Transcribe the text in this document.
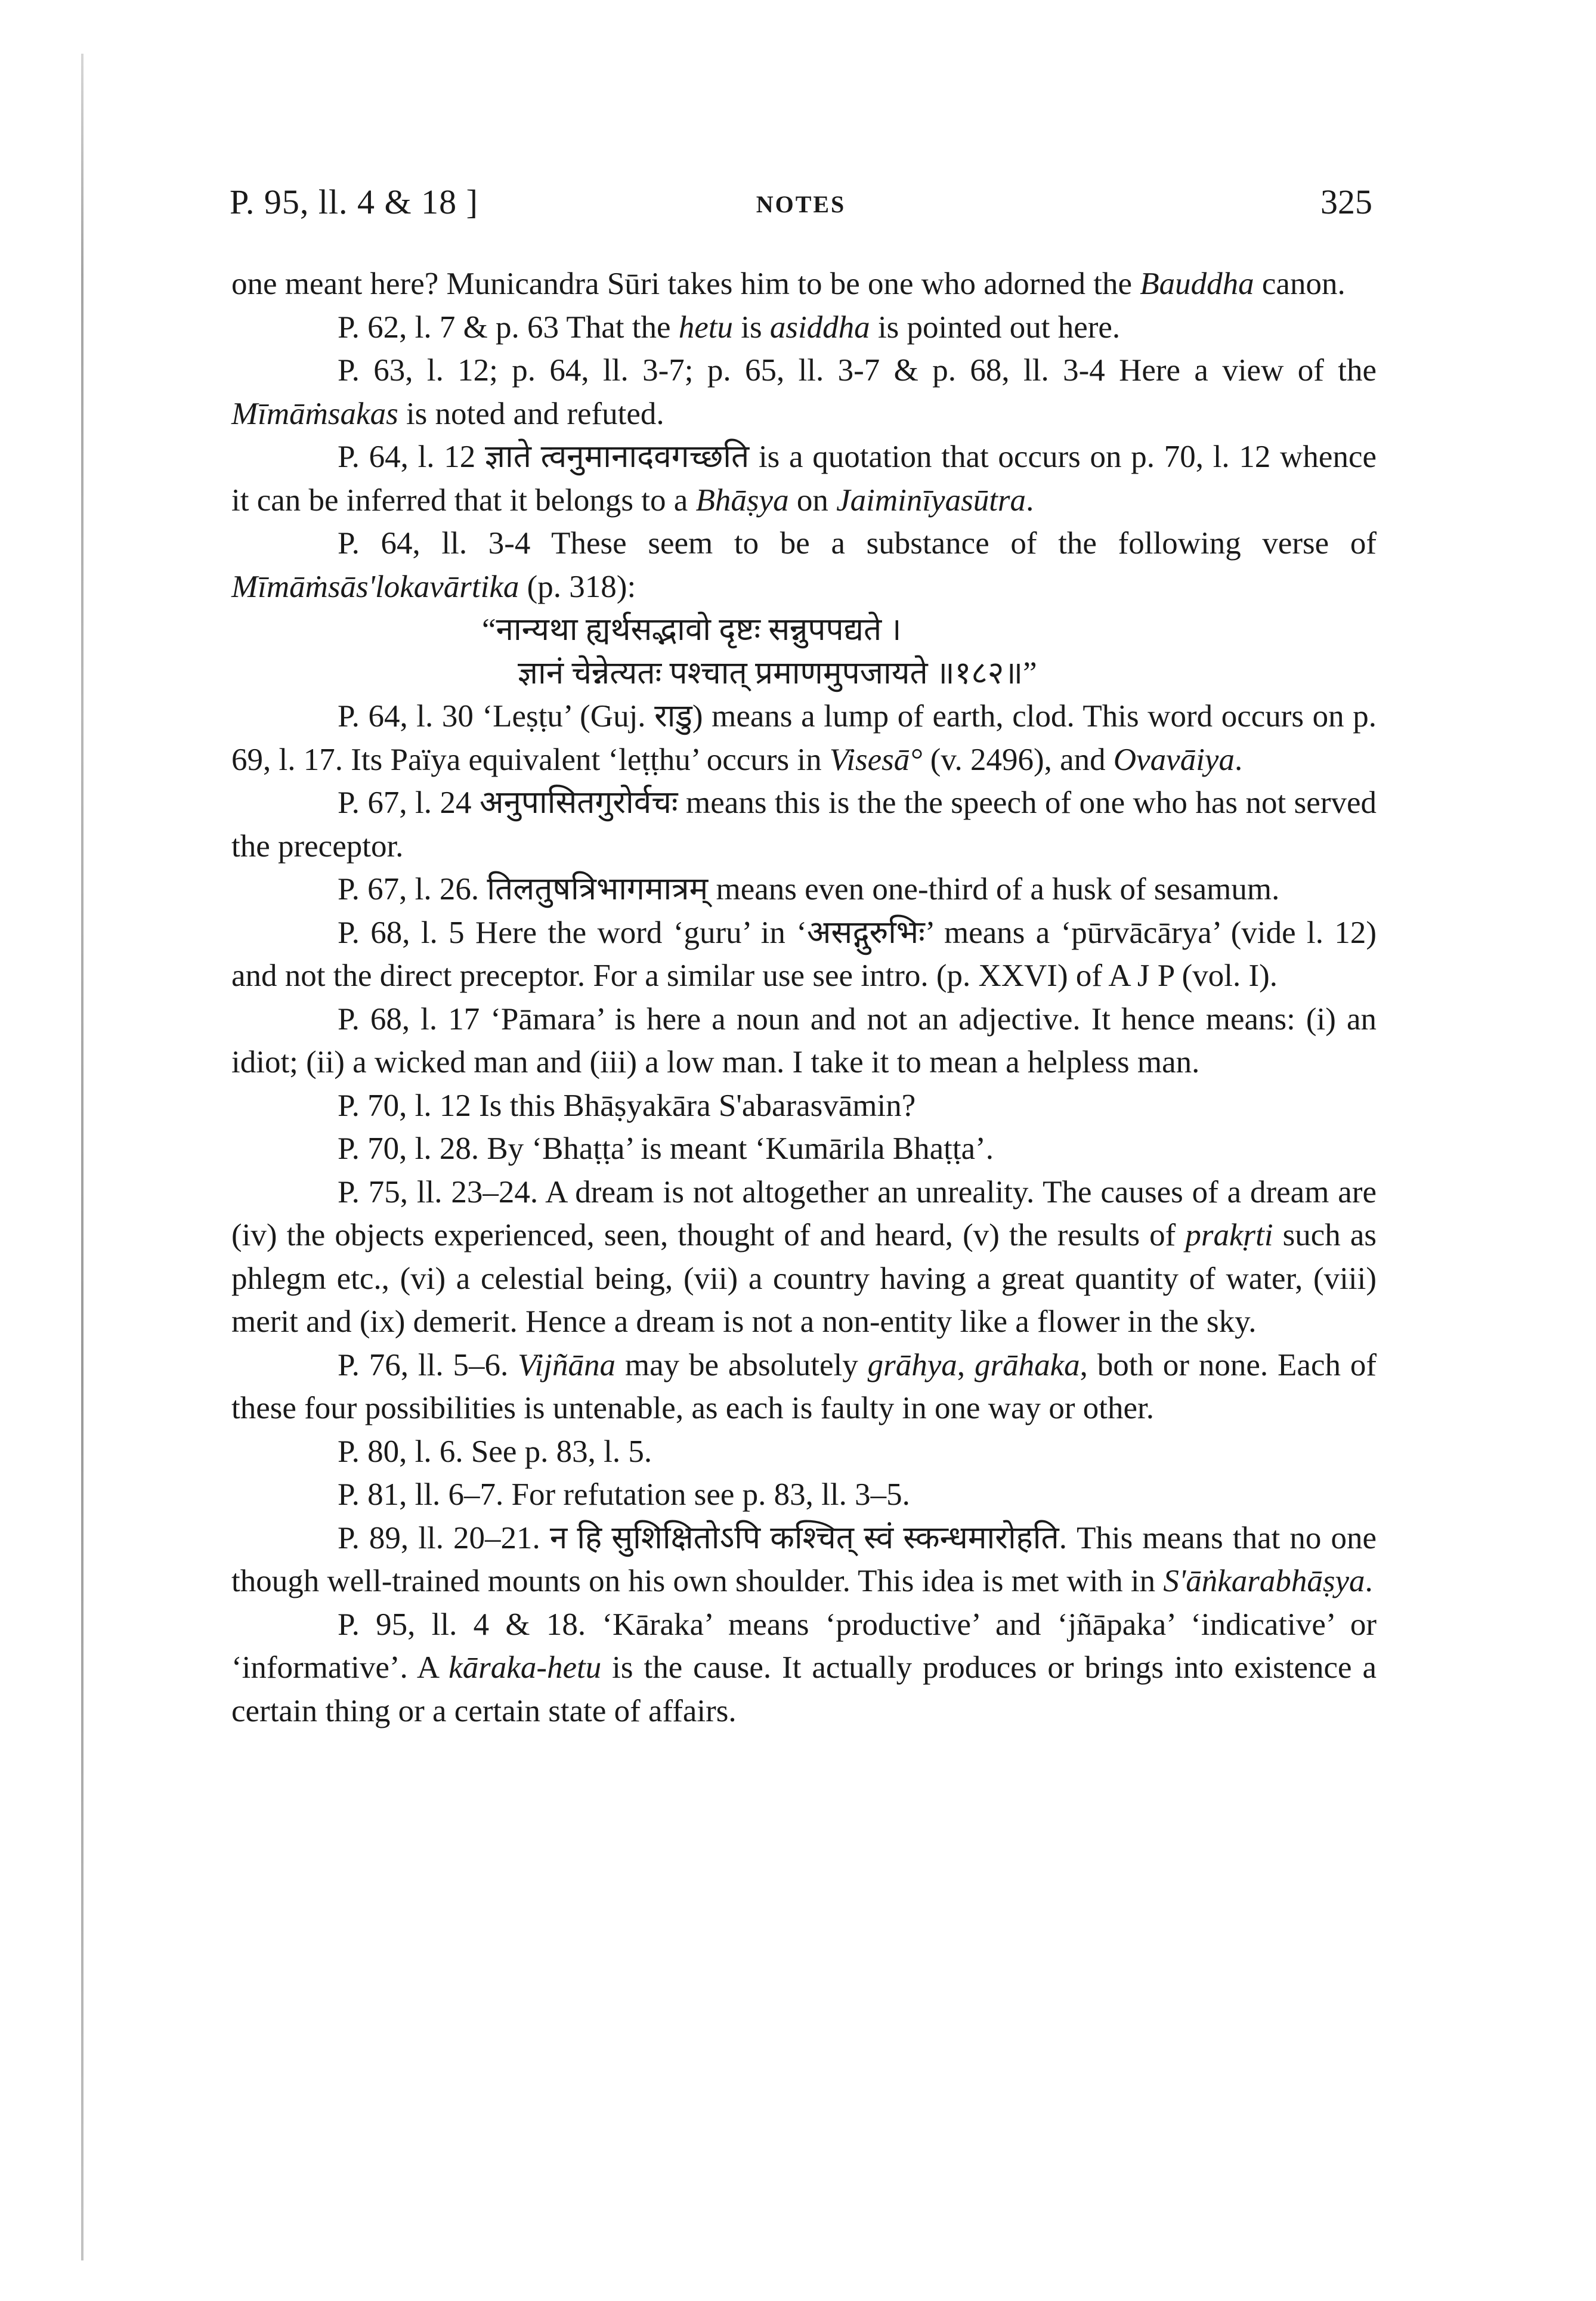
P. 95, ll. 4 & 18 ]	NOTES	325

one meant here? Municandra Sūri takes him to be one who adorned the Bauddha canon.

P. 62, l. 7 & p. 63 That the hetu is asiddha is pointed out here.

P. 63, l. 12; p. 64, ll. 3-7; p. 65, ll. 3-7 & p. 68, ll. 3-4 Here a view of the Mīmāṁsakas is noted and refuted.

P. 64, l. 12 ज्ञाते त्वनुमानादवगच्छति is a quotation that occurs on p. 70, l. 12 whence it can be inferred that it belongs to a Bhāṣya on Jaiminīyasūtra.

P. 64, ll. 3-4 These seem to be a substance of the following verse of Mīmāṁsās'lokavārtika (p. 318):

“नान्यथा ह्यर्थसद्भावो दृष्टः सन्नुपपद्यते ।

ज्ञानं चेन्नेत्यतः पश्चात् प्रमाणमुपजायते ॥१८२॥”

P. 64, l. 30 ‘Leṣṭu’ (Guj. राडु) means a lump of earth, clod. This word occurs on p. 69, l. 17. Its Païya equivalent ‘leṭṭhu’ occurs in Visesā° (v. 2496), and Ovavāiya.

P. 67, l. 24 अनुपासितगुरोर्वचः means this is the the speech of one who has not served the preceptor.

P. 67, l. 26. तिलतुषत्रिभागमात्रम् means even one-third of a husk of sesamum.

P. 68, l. 5 Here the word ‘guru’ in ‘असद्गुरुभिः’ means a ‘pūrvācārya’ (vide l. 12) and not the direct preceptor. For a similar use see intro. (p. XXVI) of A J P (vol. I).

P. 68, l. 17 ‘Pāmara’ is here a noun and not an adjective. It hence means: (i) an idiot; (ii) a wicked man and (iii) a low man. I take it to mean a helpless man.

P. 70, l. 12 Is this Bhāṣyakāra S'abarasvāmin?

P. 70, l. 28. By ‘Bhaṭṭa’ is meant ‘Kumārila Bhaṭṭa’.

P. 75, ll. 23–24. A dream is not altogether an unreality. The causes of a dream are (iv) the objects experienced, seen, thought of and heard, (v) the results of prakṛti such as phlegm etc., (vi) a celestial being, (vii) a country having a great quantity of water, (viii) merit and (ix) demerit. Hence a dream is not a non-entity like a flower in the sky.

P. 76, ll. 5–6. Vijñāna may be absolutely grāhya, grāhaka, both or none. Each of these four possibilities is untenable, as each is faulty in one way or other.

P. 80, l. 6. See p. 83, l. 5.

P. 81, ll. 6–7. For refutation see p. 83, ll. 3–5.

P. 89, ll. 20–21. न हि सुशिक्षितोऽपि कश्चित् स्वं स्कन्धमारोहति. This means that no one though well-trained mounts on his own shoulder. This idea is met with in S'āṅkarabhāṣya.

P. 95, ll. 4 & 18. ‘Kāraka’ means ‘productive’ and ‘jñāpaka’ ‘indicative’ or ‘informative’. A kāraka-hetu is the cause. It actually produces or brings into existence a certain thing or a certain state of affairs.
